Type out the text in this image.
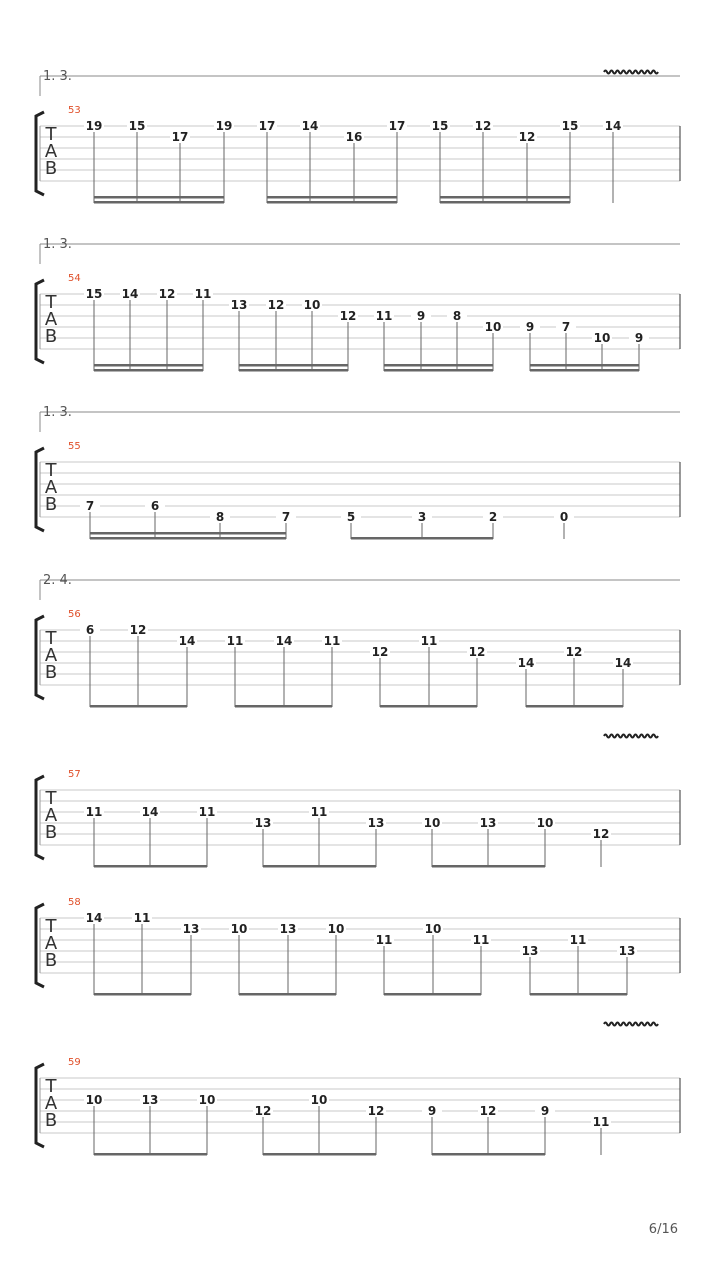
1. 3.
T
A
B
53
19 15
17
19 17 14
16
17 15 12
12
15 14
1. 3.
T
A
B
54
15 14 12 11
13 12 10
12 11 9 8
10 9 7
10 9
1. 3.
T
A
B
55
7	6
8	7	5	3	2	0
2. 4.
T
A
B
56
6	12
14	11	14	11
12
11
12
14
12
14
T
A
B
57
11	14	11
13
11
13	10	13	10
12
T
A
B
58
14	11
13	10	13	10
11
10
11
13
11
13
T
A
B
59
10	13	10
12
10
12	9	12	9
11
6/16
